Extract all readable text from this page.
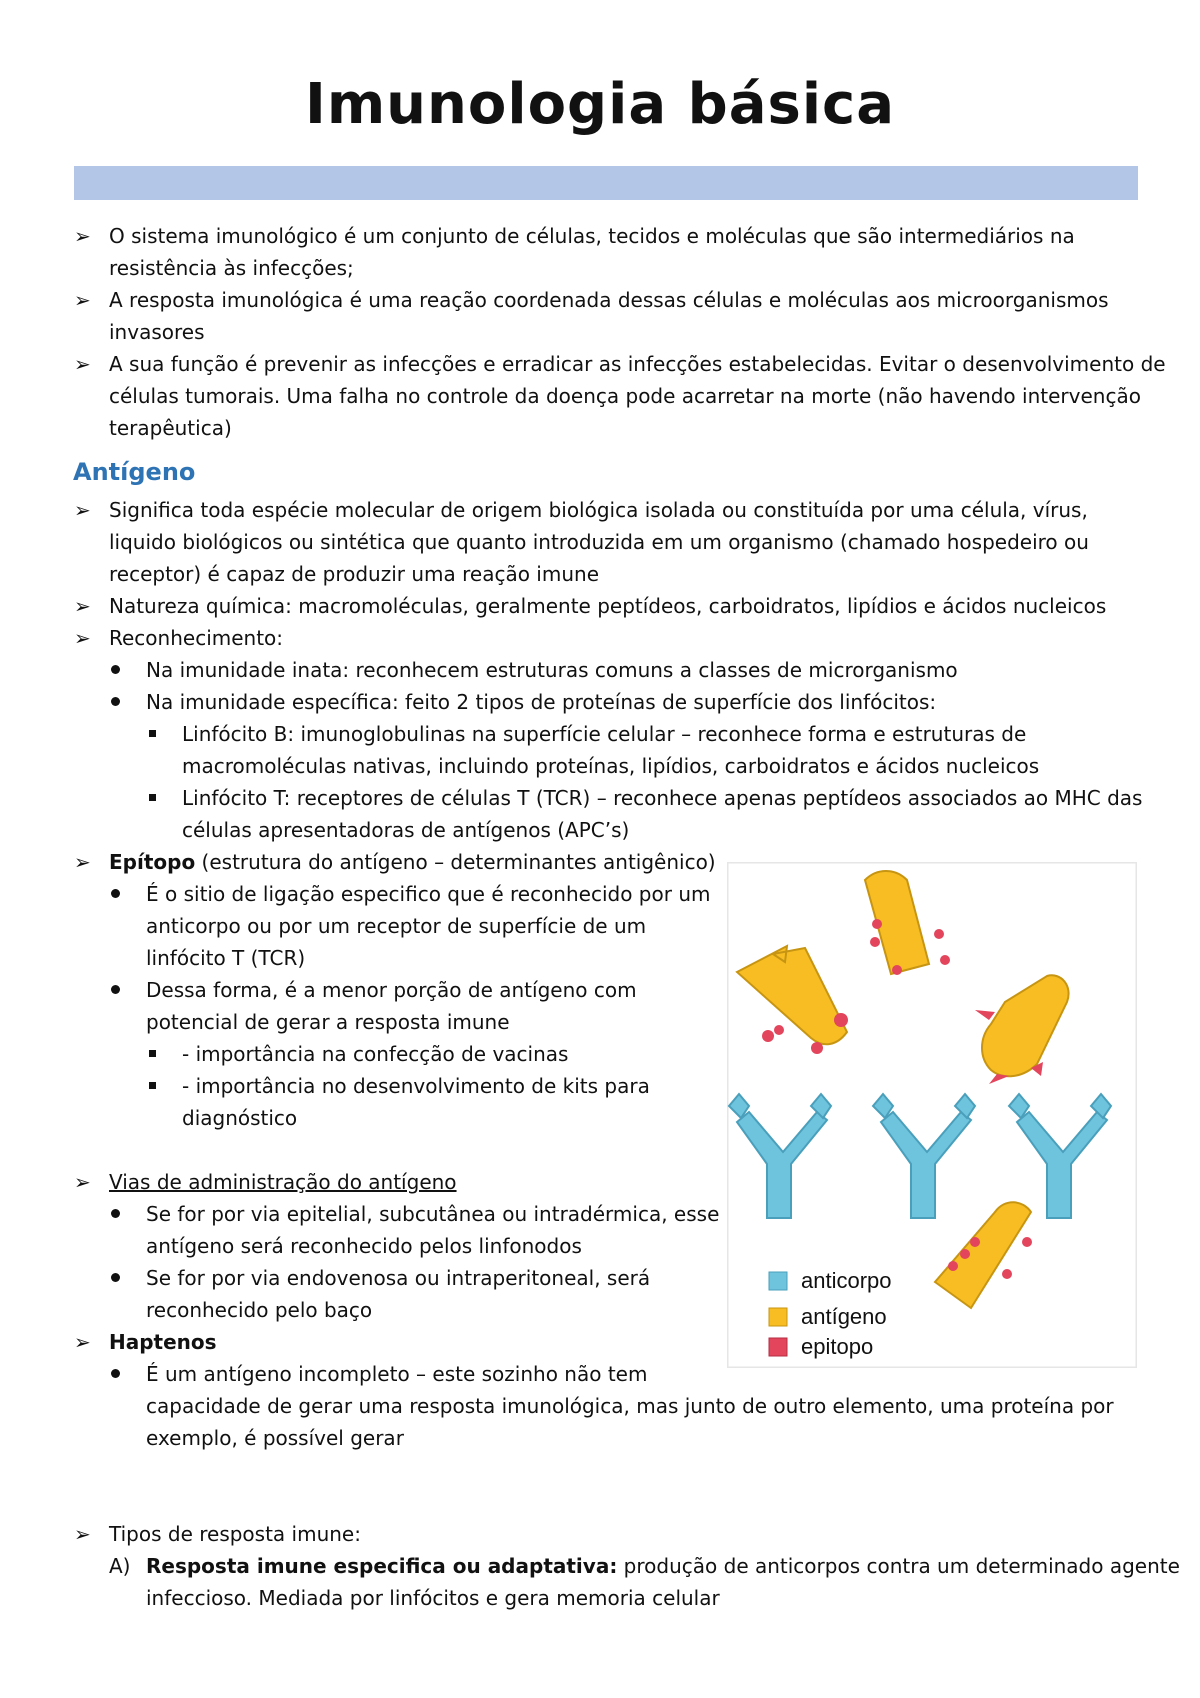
Imunologia básica
➢ O sistema imunológico é um conjunto de células, tecidos e moléculas que são intermediários na
resistência às infecções;
➢ A resposta imunológica é uma reação coordenada dessas células e moléculas aos microorganismos
invasores
➢ A sua função é prevenir as infecções e erradicar as infecções estabelecidas. Evitar o desenvolvimento de
células tumorais. Uma falha no controle da doença pode acarretar na morte (não havendo intervenção
terapêutica)
Antígeno
➢ Significa toda espécie molecular de origem biológica isolada ou constituída por uma célula, vírus,
liquido biológicos ou sintética que quanto introduzida em um organismo (chamado hospedeiro ou
receptor) é capaz de produzir uma reação imune
➢ Natureza química: macromoléculas, geralmente peptídeos, carboidratos, lipídios e ácidos nucleicos
➢ Reconhecimento:
Na imunidade inata: reconhecem estruturas comuns a classes de microrganismo
Na imunidade específica: feito 2 tipos de proteínas de superfície dos linfócitos:
Linfócito B: imunoglobulinas na superfície celular – reconhece forma e estruturas de
macromoléculas nativas, incluindo proteínas, lipídios, carboidratos e ácidos nucleicos
Linfócito T: receptores de células T (TCR) – reconhece apenas peptídeos associados ao MHC das
células apresentadoras de antígenos (APC’s)
➢ Epítopo (estrutura do antígeno – determinantes antigênico)
É o sitio de ligação especifico que é reconhecido por um
anticorpo ou por um receptor de superfície de um
linfócito T (TCR)
Dessa forma, é a menor porção de antígeno com
potencial de gerar a resposta imune
- importância na confecção de vacinas
- importância no desenvolvimento de kits para
diagnóstico
➢ Vias de administração do antígeno
Se for por via epitelial, subcutânea ou intradérmica, esse
antígeno será reconhecido pelos linfonodos
Se for por via endovenosa ou intraperitoneal, será
reconhecido pelo baço
➢ Haptenos
É um antígeno incompleto – este sozinho não tem
capacidade de gerar uma resposta imunológica, mas junto de outro elemento, uma proteína por
exemplo, é possível gerar
➢ Tipos de resposta imune:
A) Resposta imune especifica ou adaptativa: produção de anticorpos contra um determinado agente
infeccioso. Mediada por linfócitos e gera memoria celular
anticorpo
antígeno
epitopo
